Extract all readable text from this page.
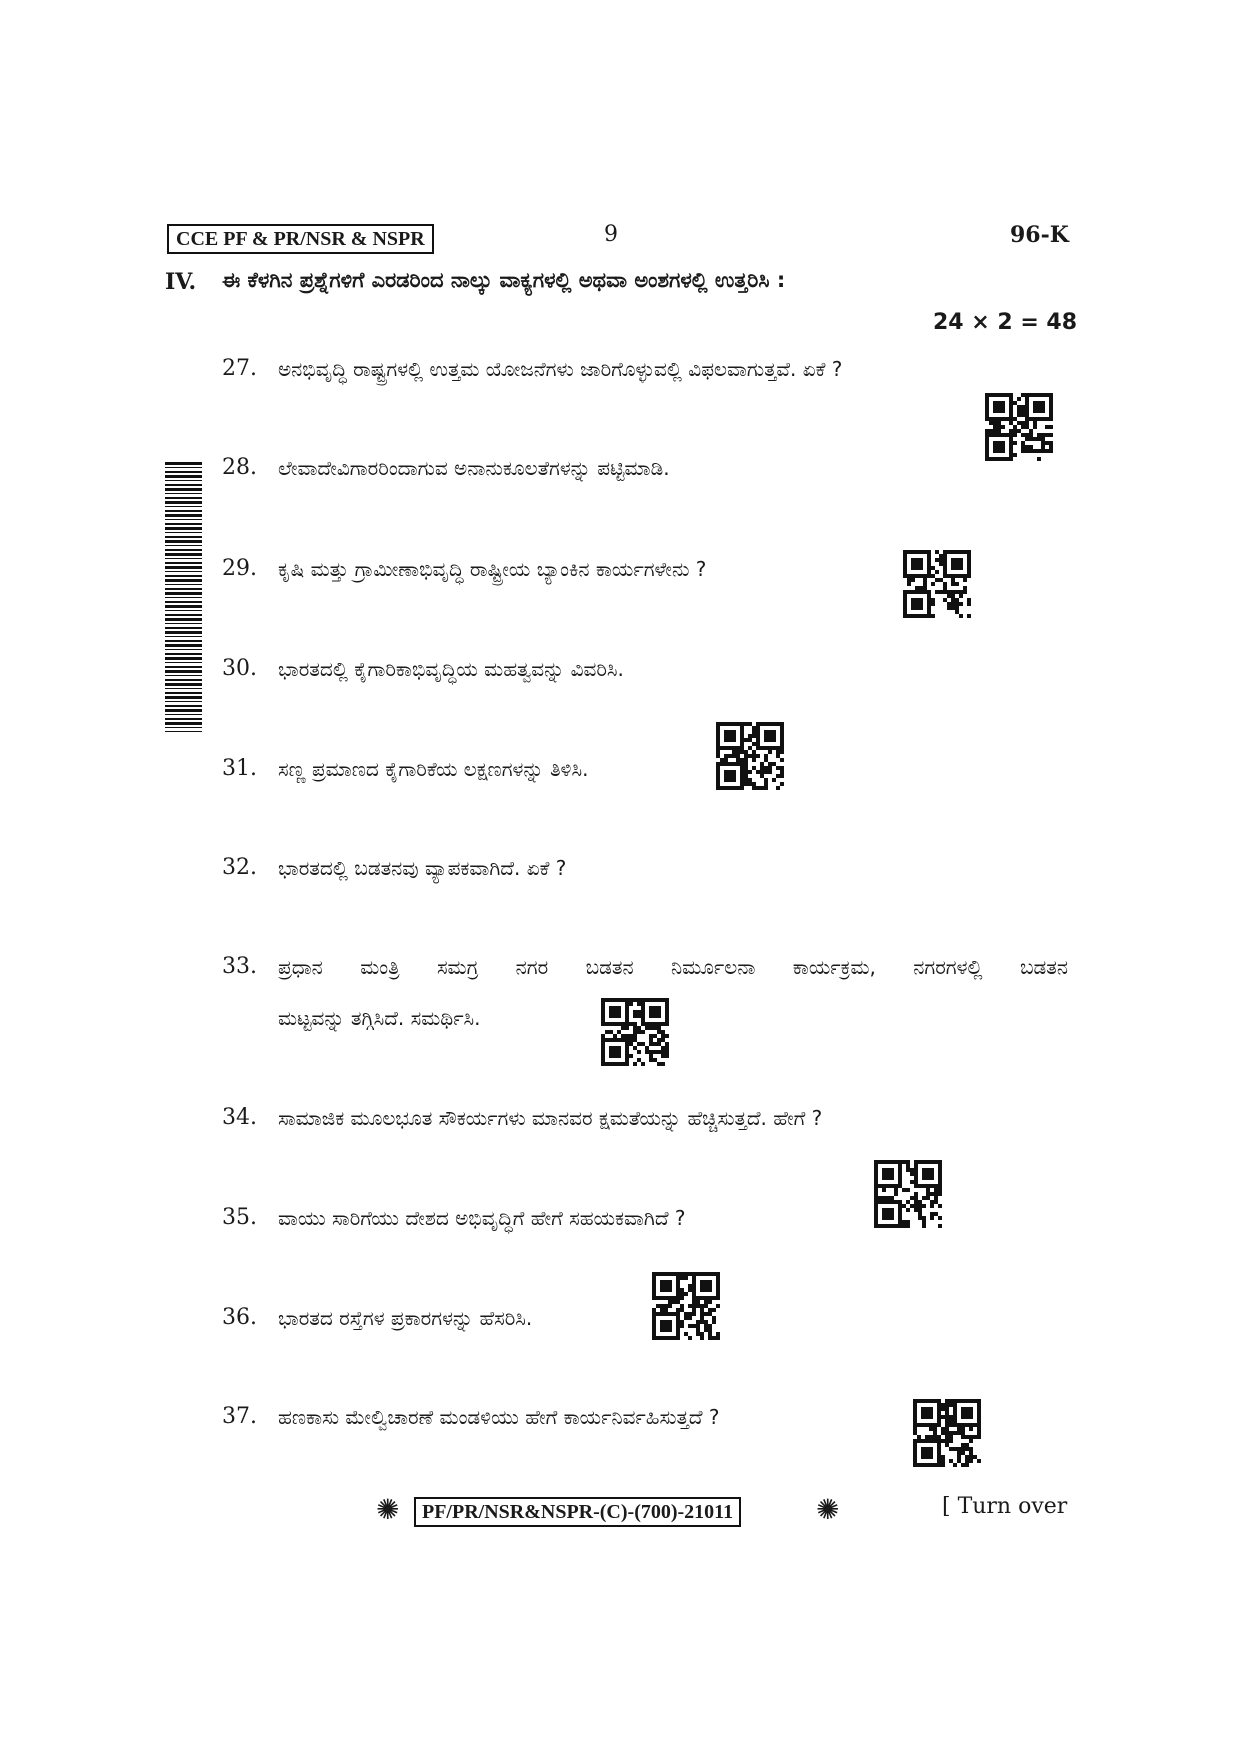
CCE PF & PR/NSR & NSPR	9	96-K
IV. ಈ ಕೆಳಗಿನ ಪ್ರಶ್ನೆಗಳಿಗೆ ಎರಡರಿಂದ ನಾಲ್ಕು ವಾಕ್ಯಗಳಲ್ಲಿ ಅಥವಾ ಅಂಶಗಳಲ್ಲಿ ಉತ್ತರಿಸಿ :
24 × 2 = 48
27. ಅನಭಿವೃದ್ಧಿ ರಾಷ್ಟ್ರಗಳಲ್ಲಿ ಉತ್ತಮ ಯೋಜನೆಗಳು ಜಾರಿಗೊಳ್ಳುವಲ್ಲಿ ವಿಫಲವಾಗುತ್ತವೆ. ಏಕೆ ?
28. ಲೇವಾದೇವಿಗಾರರಿಂದಾಗುವ ಅನಾನುಕೂಲತೆಗಳನ್ನು ಪಟ್ಟಿಮಾಡಿ.
29. ಕೃಷಿ ಮತ್ತು ಗ್ರಾಮೀಣಾಭಿವೃದ್ಧಿ ರಾಷ್ಟ್ರೀಯ ಬ್ಯಾಂಕಿನ ಕಾರ್ಯಗಳೇನು ?
30. ಭಾರತದಲ್ಲಿ ಕೈಗಾರಿಕಾಭಿವೃದ್ಧಿಯ ಮಹತ್ವವನ್ನು ವಿವರಿಸಿ.
31. ಸಣ್ಣ ಪ್ರಮಾಣದ ಕೈಗಾರಿಕೆಯ ಲಕ್ಷಣಗಳನ್ನು ತಿಳಿಸಿ.
32. ಭಾರತದಲ್ಲಿ ಬಡತನವು ವ್ಯಾಪಕವಾಗಿದೆ. ಏಕೆ ?
33. ಪ್ರಧಾನ ಮಂತ್ರಿ ಸಮಗ್ರ ನಗರ ಬಡತನ ನಿರ್ಮೂಲನಾ ಕಾರ್ಯಕ್ರಮ, ನಗರಗಳಲ್ಲಿ ಬಡತನ
ಮಟ್ಟವನ್ನು ತಗ್ಗಿಸಿದೆ. ಸಮರ್ಥಿಸಿ.
34. ಸಾಮಾಜಿಕ ಮೂಲಭೂತ ಸೌಕರ್ಯಗಳು ಮಾನವರ ಕ್ಷಮತೆಯನ್ನು ಹೆಚ್ಚಿಸುತ್ತದೆ. ಹೇಗೆ ?
35. ವಾಯು ಸಾರಿಗೆಯು ದೇಶದ ಅಭಿವೃದ್ಧಿಗೆ ಹೇಗೆ ಸಹಯಕವಾಗಿದೆ ?
36. ಭಾರತದ ರಸ್ತೆಗಳ ಪ್ರಕಾರಗಳನ್ನು ಹೆಸರಿಸಿ.
37. ಹಣಕಾಸು ಮೇಲ್ವಿಚಾರಣೆ ಮಂಡಳಿಯು ಹೇಗೆ ಕಾರ್ಯನಿರ್ವಹಿಸುತ್ತದೆ ?
✺	PF/PR/NSR&NSPR-(C)-(700)-21011	✺	[ Turn over
